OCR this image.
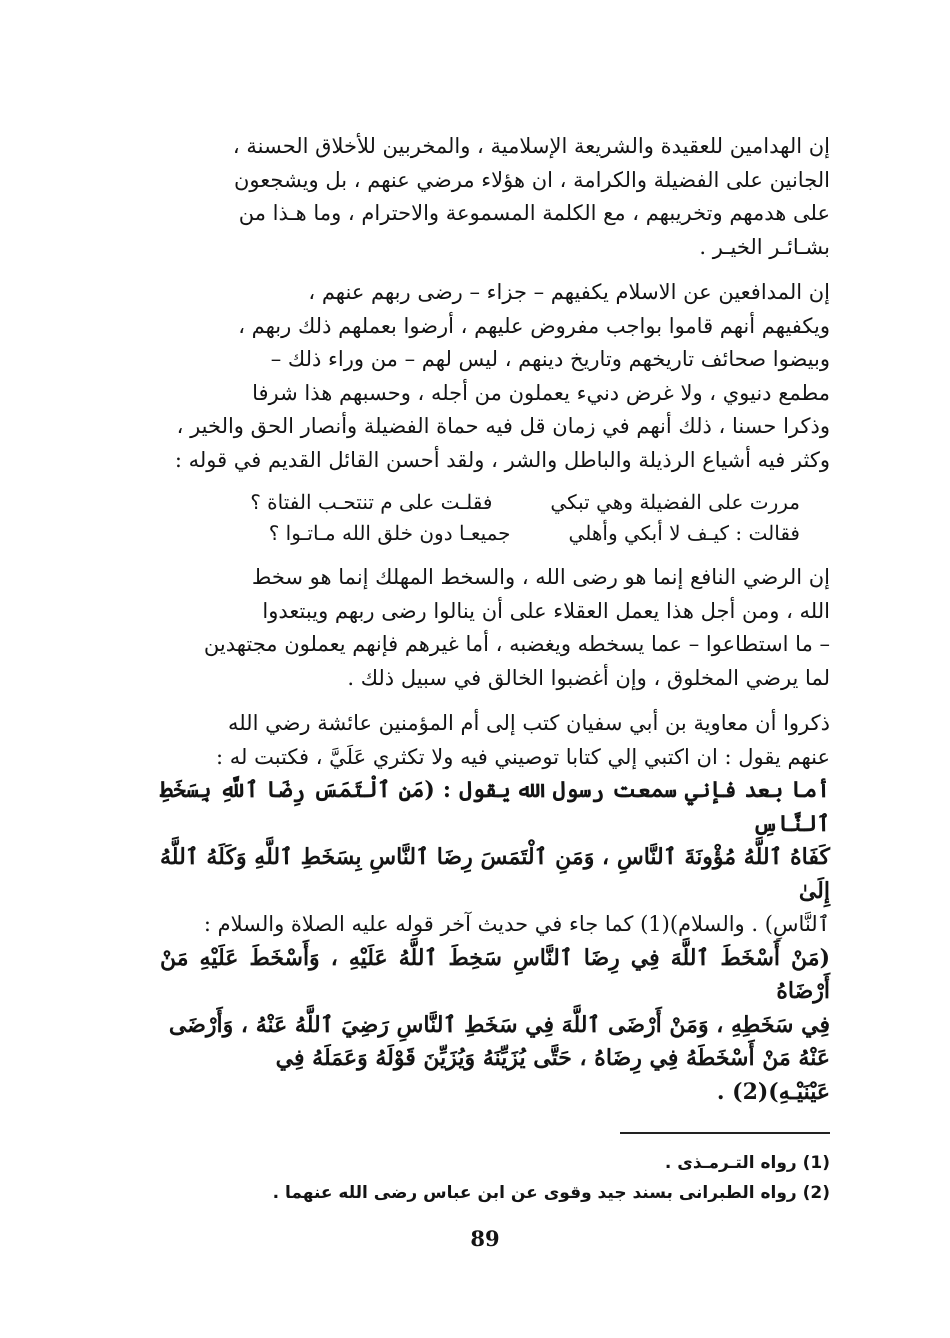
إن الهدامين للعقيدة والشريعة الإسلامية ، والمخربين للأخلاق الحسنة ،
الجانين على الفضيلة والكرامة ، ان هؤلاء مرضي عنهم ، بل ويشجعون
على هدمهم وتخريبهم ، مع الكلمة المسموعة والاحترام ، وما هـذا من
بشـائـر الخيـر .

إن المدافعين عن الاسلام يكفيهم – جزاء – رضى ربهم عنهم ،
ويكفيهم أنهم قاموا بواجب مفروض عليهم ، أرضوا بعملهم ذلك ربهم ،
وبيضوا صحائف تاريخهم وتاريخ دينهم ، ليس لهم – من وراء ذلك –
مطمع دنيوي ، ولا غرض دنيء يعملون من أجله ، وحسبهم هذا شرفا
وذكرا حسنا ، ذلك أنهم في زمان قل فيه حماة الفضيلة وأنصار الحق والخير ،
وكثر فيه أشياع الرذيلة والباطل والشر ، ولقد أحسن القائل القديم في قوله :

مررت على الفضيلة وهي تبكي
فقلـت على م تنتحـب الفتاة ؟
فقالت : كيـف لا أبكي وأهلي
جميعـا دون خلق الله مـاتـوا ؟

إن الرضي النافع إنما هو رضى الله ، والسخط المهلك إنما هو سخط
الله ، ومن أجل هذا يعمل العقلاء على أن ينالوا رضى ربهم ويبتعدوا
– ما استطاعوا – عما يسخطه ويغضبه ، أما غيرهم فإنهم يعملون مجتهدين
لما يرضي المخلوق ، وإن أغضبوا الخالق في سبيل ذلك .

ذكروا أن معاوية بن أبي سفيان كتب إلى أم المؤمنين عائشة رضي الله
عنهم يقول : ان اكتبي إلي كتابا توصيني فيه ولا تكثري عَلَيَّ ، فكتبت له :
أما بعد فإني سمعت رسول الله يقول : (مَنِ ٱلْتَمَسَ رِضَا ٱللَّهِ بِسَخَطِ ٱلنَّاسِ
كَفَاهُ ٱللَّهُ مُؤْونَةَ ٱلنَّاسِ ، وَمَنِ ٱلْتَمَسَ رِضَا ٱلنَّاسِ بِسَخَطِ ٱللَّهِ وَكَلَهُ ٱللَّهُ إِلَىٰ
ٱلنَّاسِ) . والسلام)(1) كما جاء في حديث آخر قوله عليه الصلاة والسلام :
(مَنْ أَسْخَطَ ٱللَّهَ فِي رِضَا ٱلنَّاسِ سَخِطَ ٱللَّهُ عَلَيْهِ ، وَأَسْخَطَ عَلَيْهِ مَنْ أَرْضَاهُ
فِي سَخَطِهِ ، وَمَنْ أَرْضَى ٱللَّهَ فِي سَخَطِ ٱلنَّاسِ رَضِيَ ٱللَّهُ عَنْهُ ، وَأَرْضَى
عَنْهُ مَنْ أَسْخَطَهُ فِي رِضَاهُ ، حَتَّى يُزَيِّنَهُ وَيُزَيِّنَ قَوْلَهُ وَعَمَلَهُ فِي
عَيْنَيْـهِ)(2) .

(1) رواه التـرمـذى .
(2) رواه الطبرانى بسند جيد وقوى عن ابن عباس رضى الله عنهما .
89
